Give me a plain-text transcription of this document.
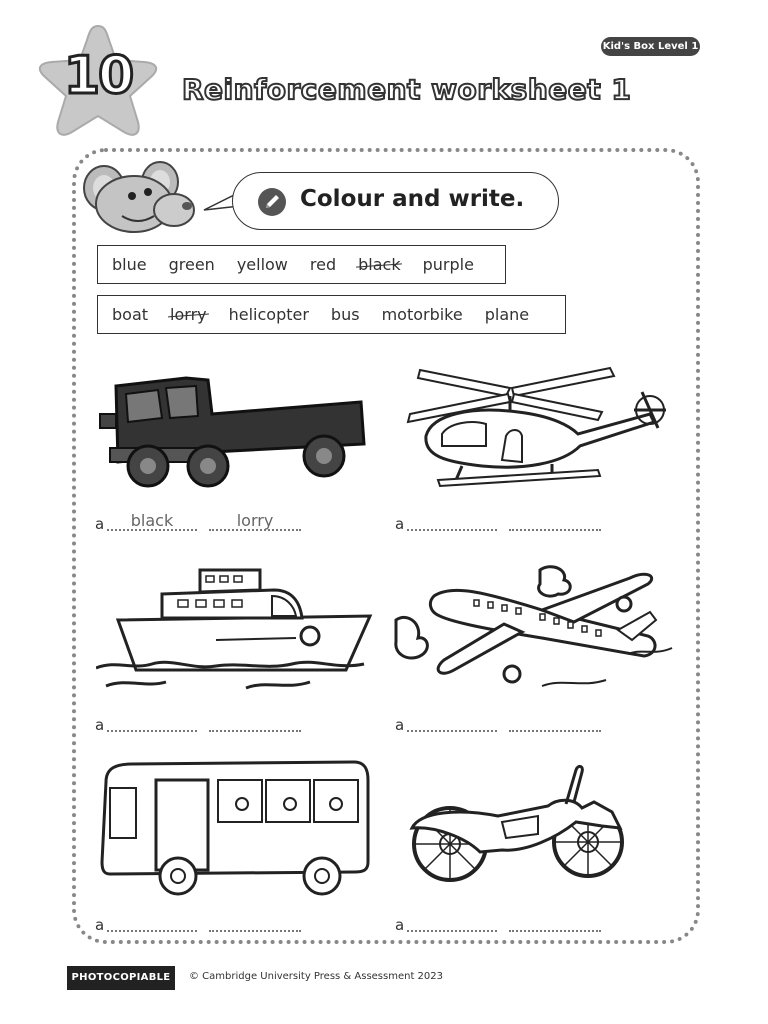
Kid's Box Level 1
10	Reinforcement worksheet 1
Colour and write.
blue green yellow red black purple
boat lorry helicopter bus motorbike plane
a	black	lorry	a
a	a
a	a
PHOTOCOPIABLE	© Cambridge University Press & Assessment 2023
